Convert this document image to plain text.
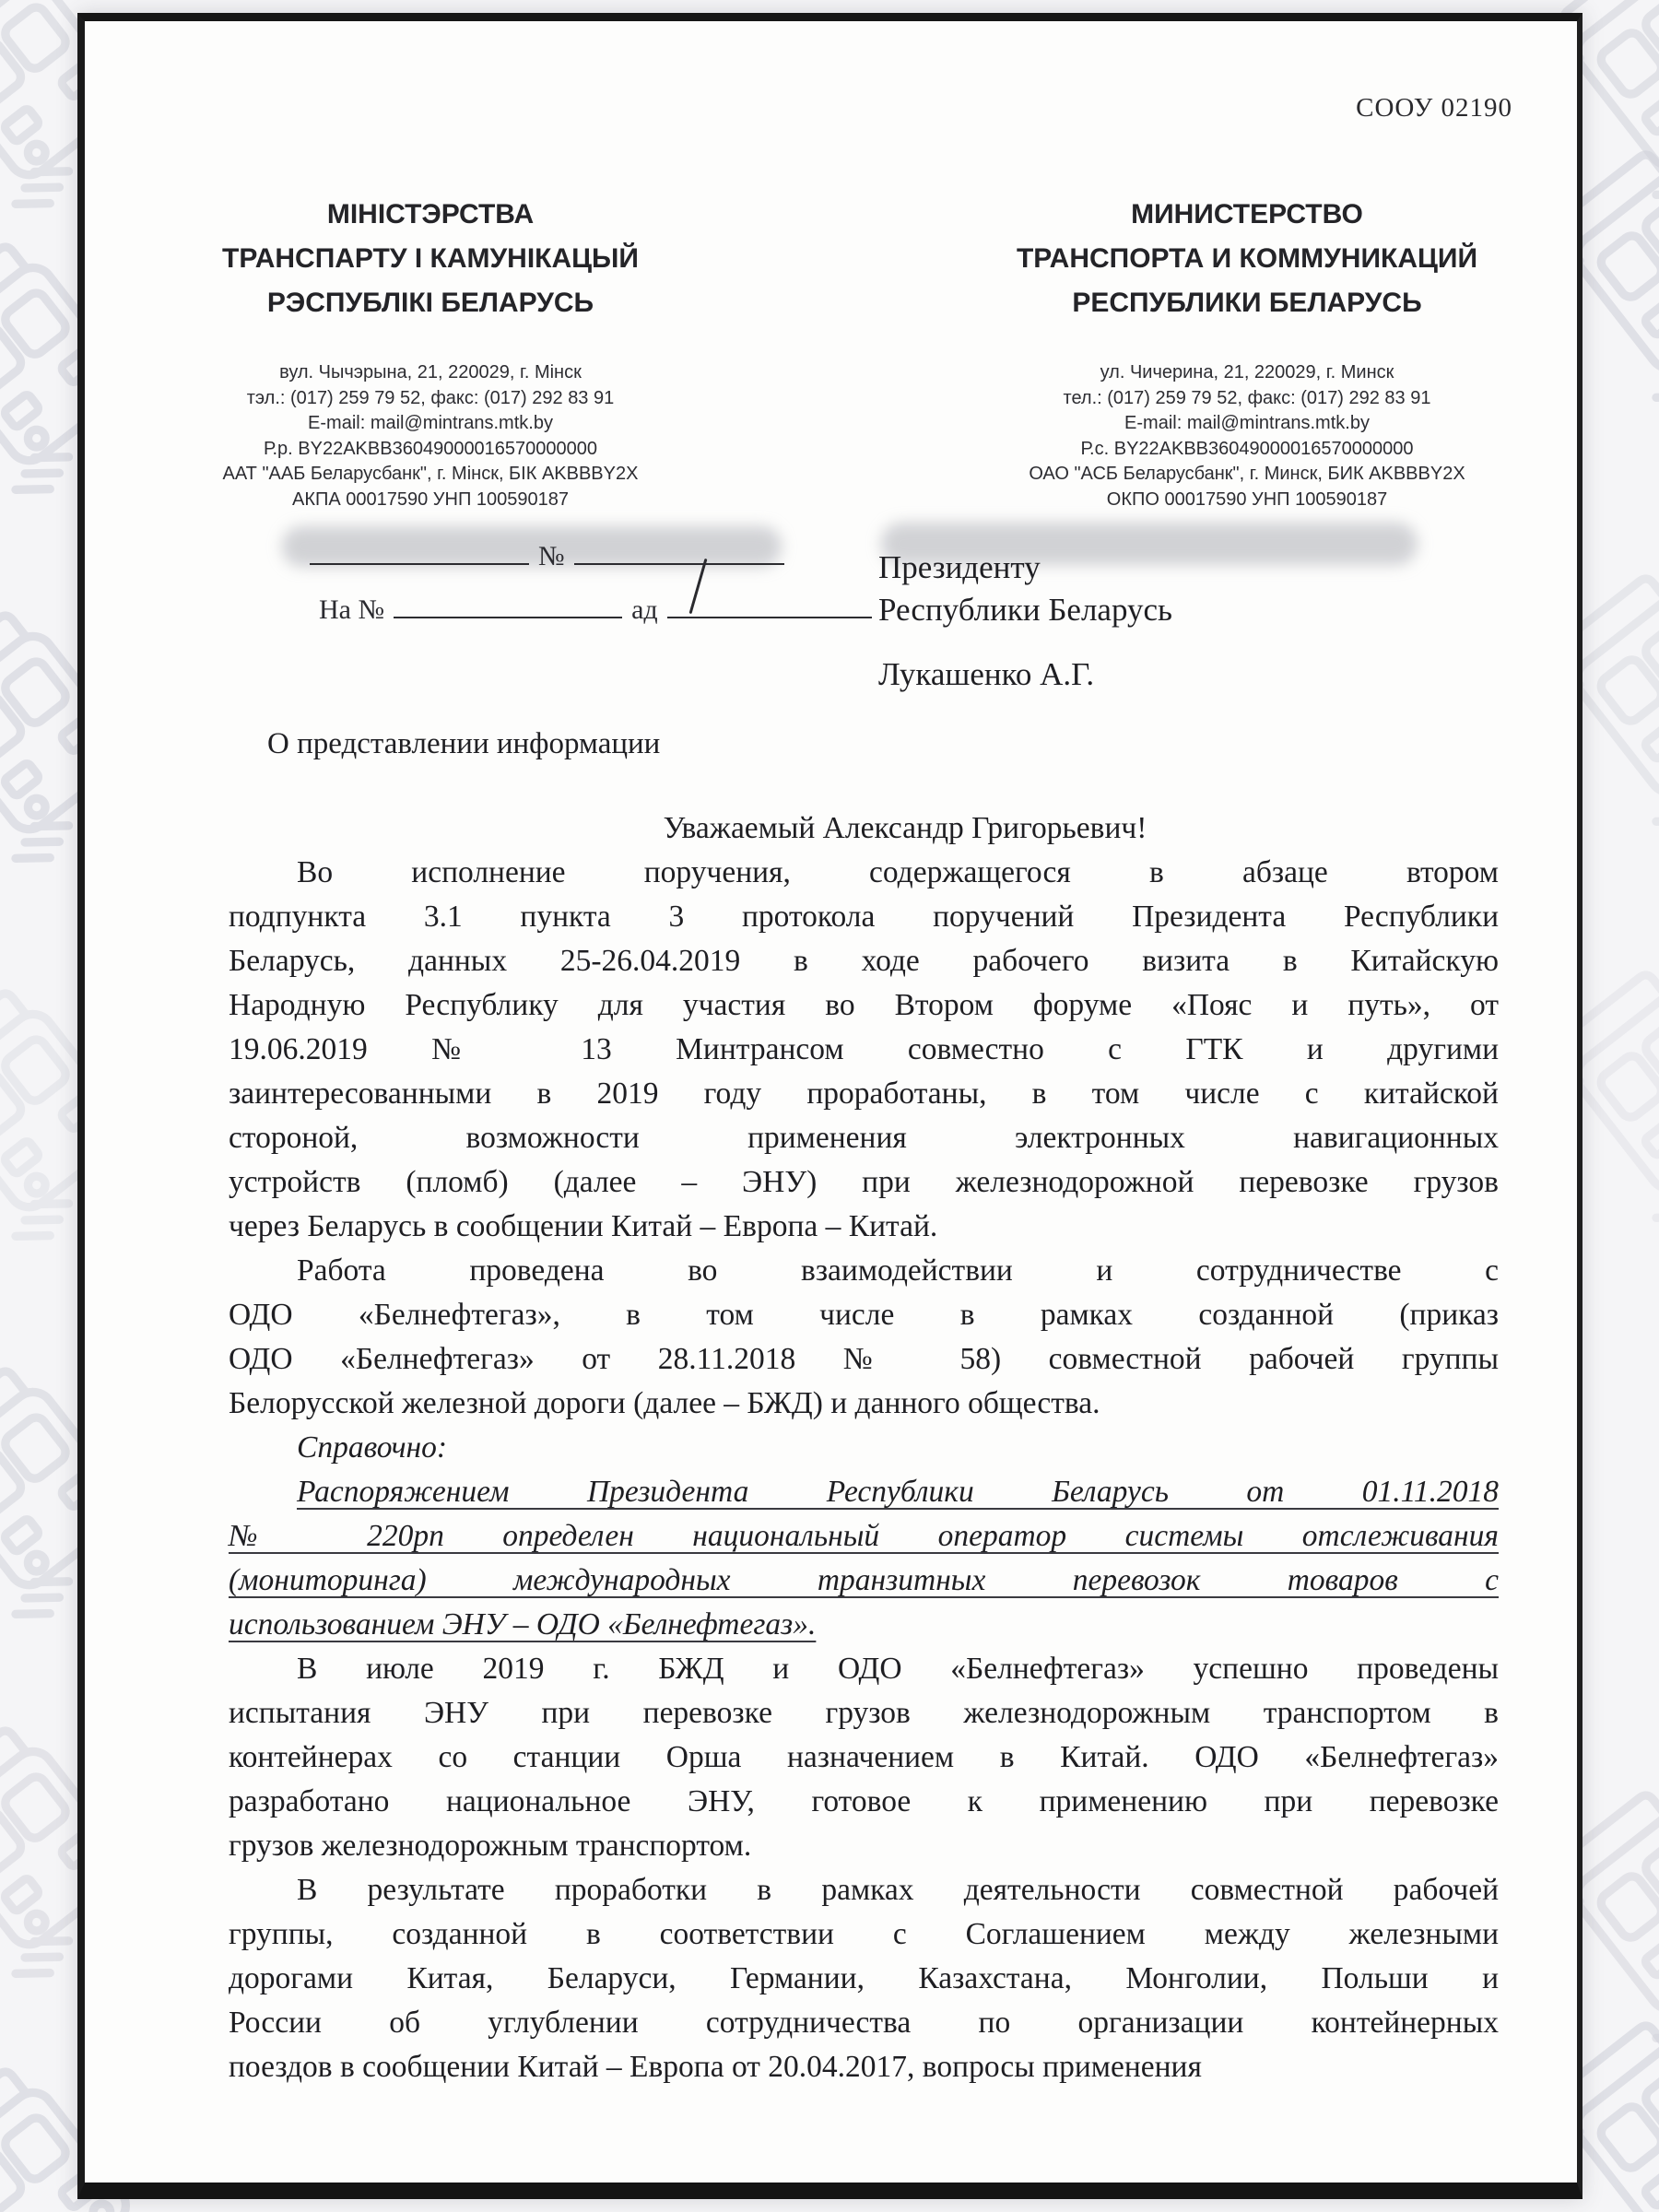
СООУ 02190
МІНІСТЭРСТВА
ТРАНСПАРТУ І КАМУНІКАЦЫЙ
РЭСПУБЛІКІ БЕЛАРУСЬ
МИНИСТЕРСТВО
ТРАНСПОРТА И КОММУНИКАЦИЙ
РЕСПУБЛИКИ БЕЛАРУСЬ
вул. Чычэрына, 21, 220029, г. Мінск
тэл.: (017) 259 79 52, факс: (017) 292 83 91
E-mail: mail@mintrans.mtk.by
Р.р. BY22AKBB36049000016570000000
ААТ "ААБ Беларусбанк", г. Мінск, БІК AKBBBY2X
АКПА 00017590 УНП 100590187
ул. Чичерина, 21, 220029, г. Минск
тел.: (017) 259 79 52, факс: (017) 292 83 91
E-mail: mail@mintrans.mtk.by
Р.с. BY22AKBB36049000016570000000
ОАО "АСБ Беларусбанк", г. Минск, БИК AKBBBY2X
ОКПО 00017590 УНП 100590187
№
На №	ад
Президенту
Республики Беларусь
Лукашенко А.Г.
О представлении информации
Уважаемый Александр Григорьевич!
Во исполнение поручения, содержащегося в абзаце втором
подпункта 3.1 пункта 3 протокола поручений Президента Республики
Беларусь, данных 25-26.04.2019 в ходе рабочего визита в Китайскую
Народную Республику для участия во Втором форуме «Пояс и путь», от
19.06.2019 № 13 Минтрансом совместно с ГТК и другими
заинтересованными в 2019 году проработаны, в том числе с китайской
стороной, возможности применения электронных навигационных
устройств (пломб) (далее – ЭНУ) при железнодорожной перевозке грузов
через Беларусь в сообщении Китай – Европа – Китай.
Работа проведена во взаимодействии и сотрудничестве с
ОДО «Белнефтегаз», в том числе в рамках созданной (приказ
ОДО «Белнефтегаз» от 28.11.2018 № 58) совместной рабочей группы
Белорусской железной дороги (далее – БЖД) и данного общества.
Справочно:
Распоряжением Президента Республики Беларусь от 01.11.2018
№ 220рп определен национальный оператор системы отслеживания
(мониторинга) международных транзитных перевозок товаров с
использованием ЭНУ – ОДО «Белнефтегаз».
В июле 2019 г. БЖД и ОДО «Белнефтегаз» успешно проведены
испытания ЭНУ при перевозке грузов железнодорожным транспортом в
контейнерах со станции Орша назначением в Китай. ОДО «Белнефтегаз»
разработано национальное ЭНУ, готовое к применению при перевозке
грузов железнодорожным транспортом.
В результате проработки в рамках деятельности совместной рабочей
группы, созданной в соответствии с Соглашением между железными
дорогами Китая, Беларуси, Германии, Казахстана, Монголии, Польши и
России об углублении сотрудничества по организации контейнерных
поездов в сообщении Китай – Европа от 20.04.2017, вопросы применения
